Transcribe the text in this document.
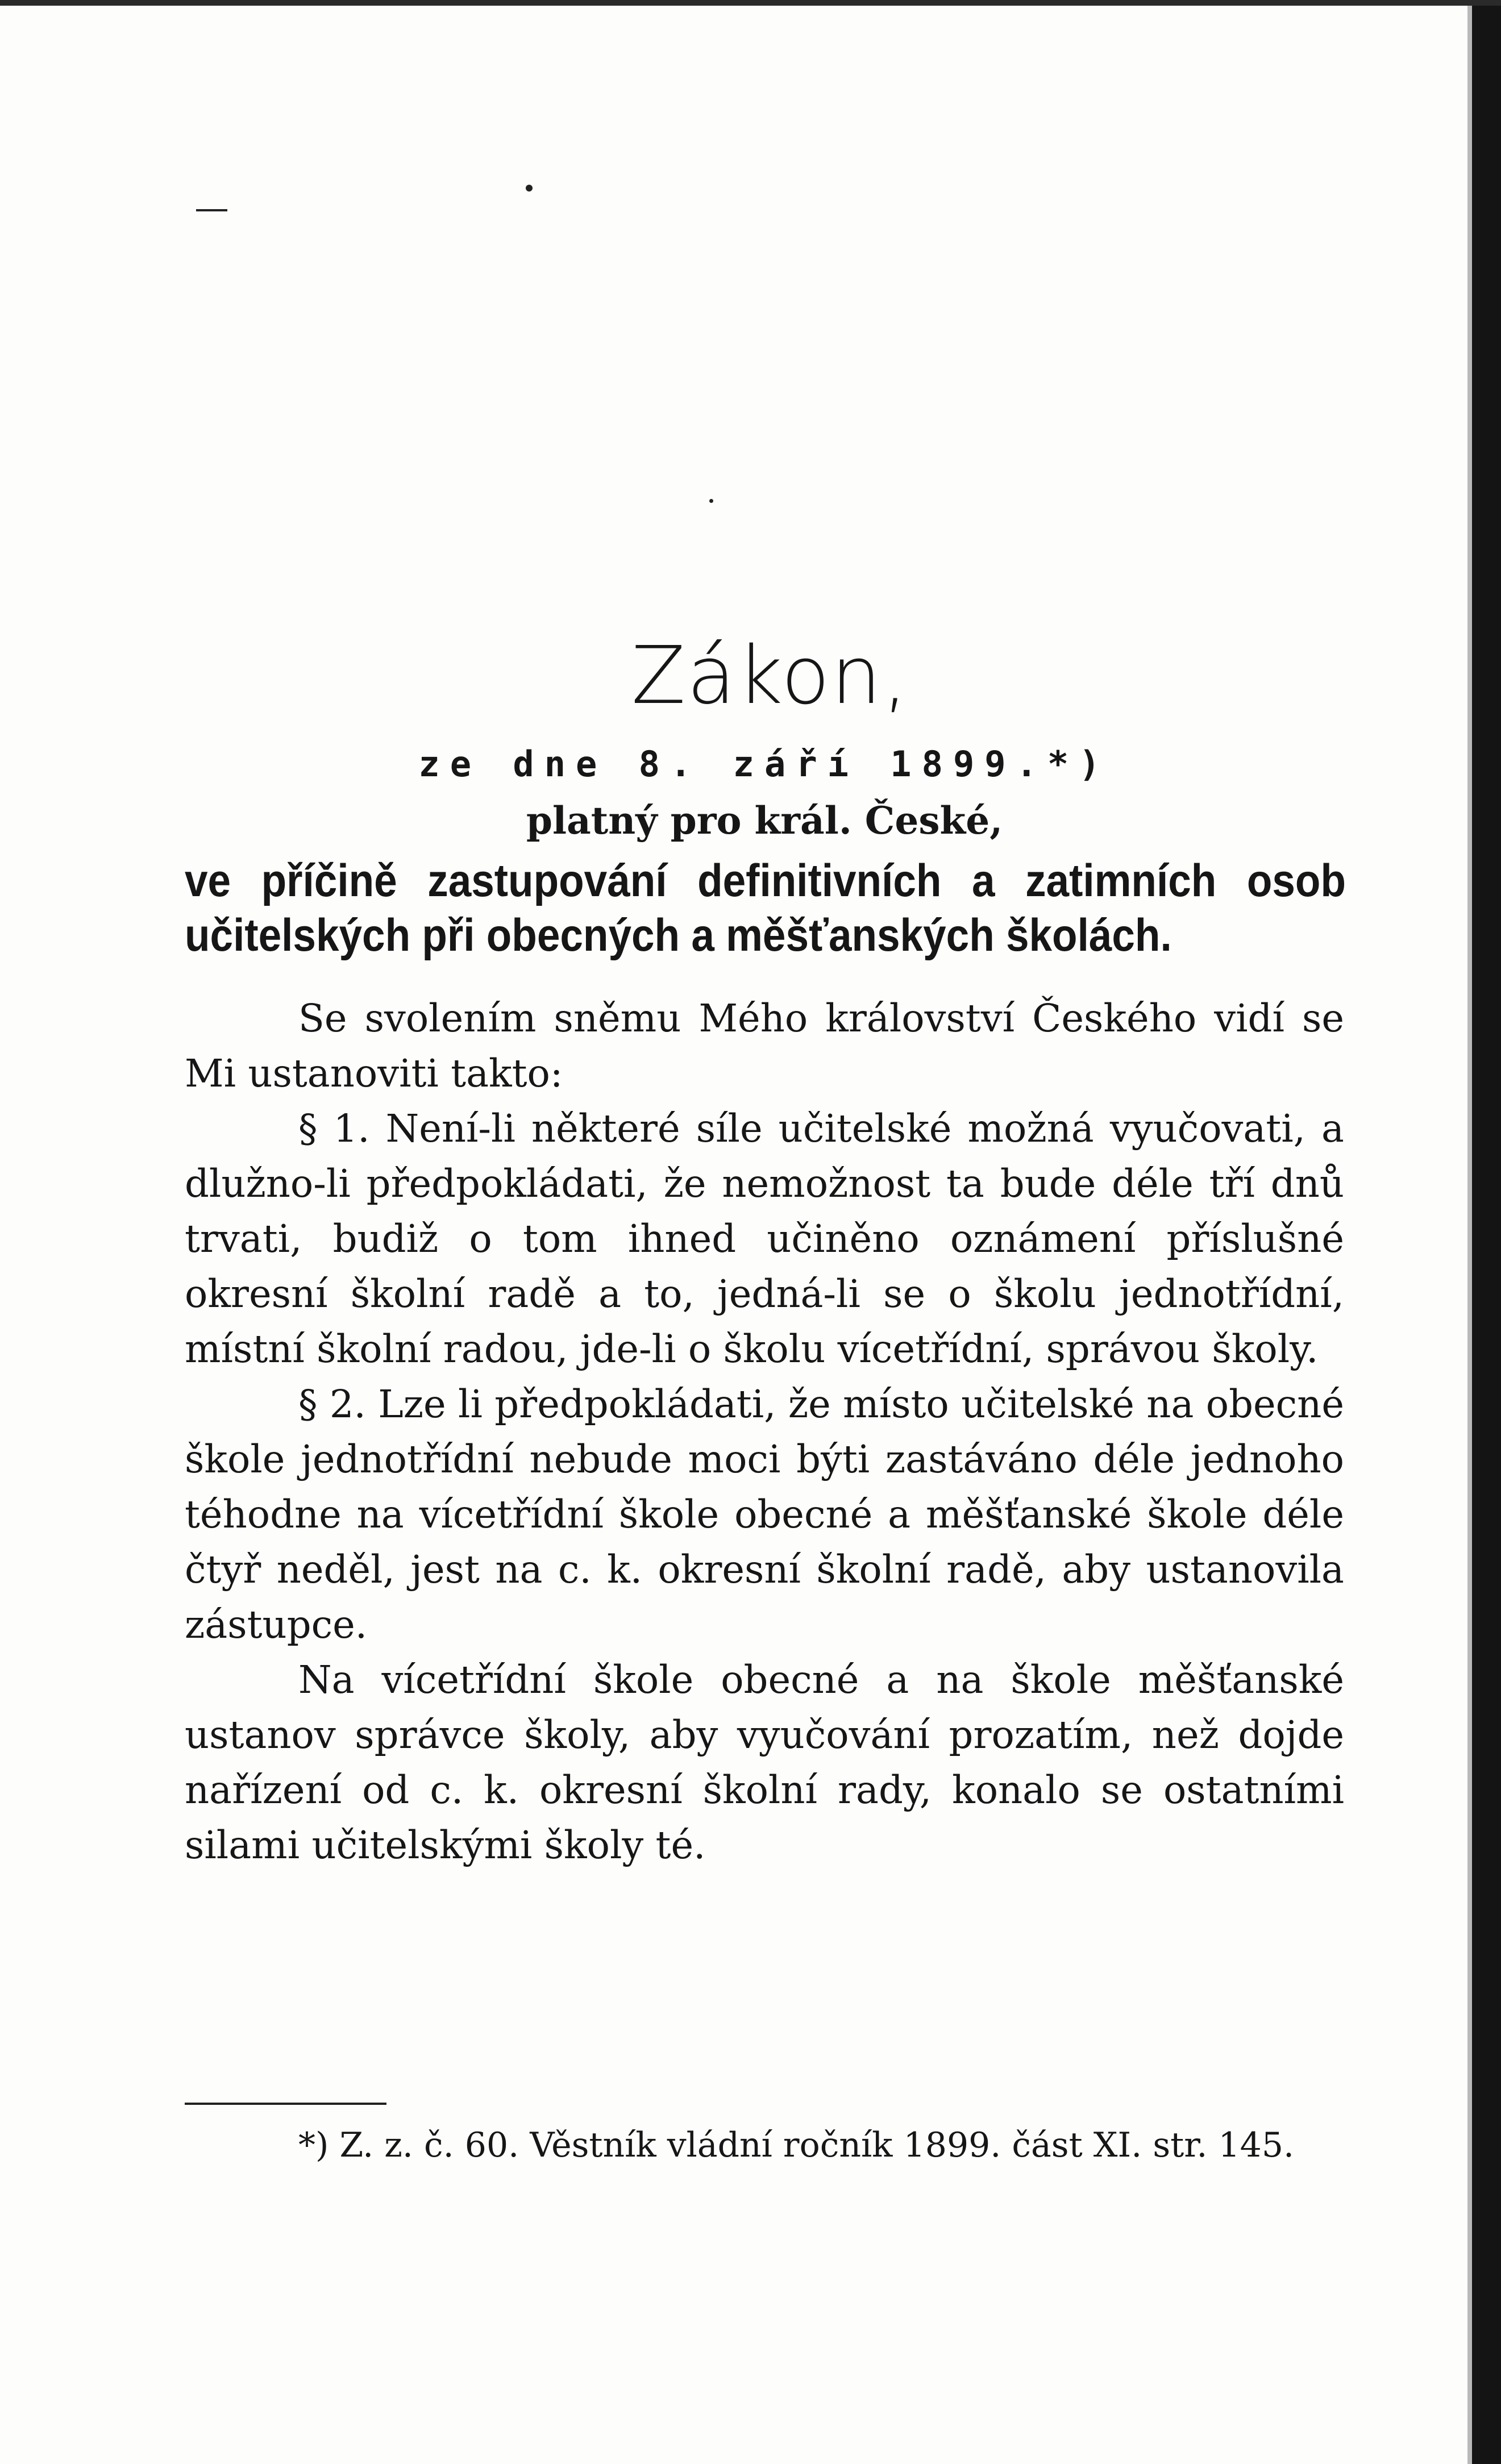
Zákon,
ze dne 8. září 1899.*)
platný pro král. České,
ve příčině zastupování definitivních a zatimních osob učitelských při obecných a měšťanských školách.

Se svolením sněmu Mého království Českého vidí se Mi ustanoviti takto:

§ 1. Není-li některé síle učitelské možná vyučovati, a dlužno-li předpokládati, že nemožnost ta bude déle tří dnů trvati, budiž o tom ihned učiněno oznámení příslušné okresní školní radě a to, jedná-li se o školu jednotřídní, místní školní radou, jde-li o školu vícetřídní, správou školy.

§ 2. Lze li předpokládati, že místo učitelské na obecné škole jednotřídní nebude moci býti zastáváno déle jednoho téhodne na vícetřídní škole obecné a měšťanské škole déle čtyř neděl, jest na c. k. okresní školní radě, aby ustanovila zástupce.

Na vícetřídní škole obecné a na škole měšťanské ustanov správce školy, aby vyučování prozatím, než dojde nařízení od c. k. okresní školní rady, konalo se ostatními silami učitelskými školy té.

*) Z. z. č. 60. Věstník vládní ročník 1899. část XI. str. 145.
